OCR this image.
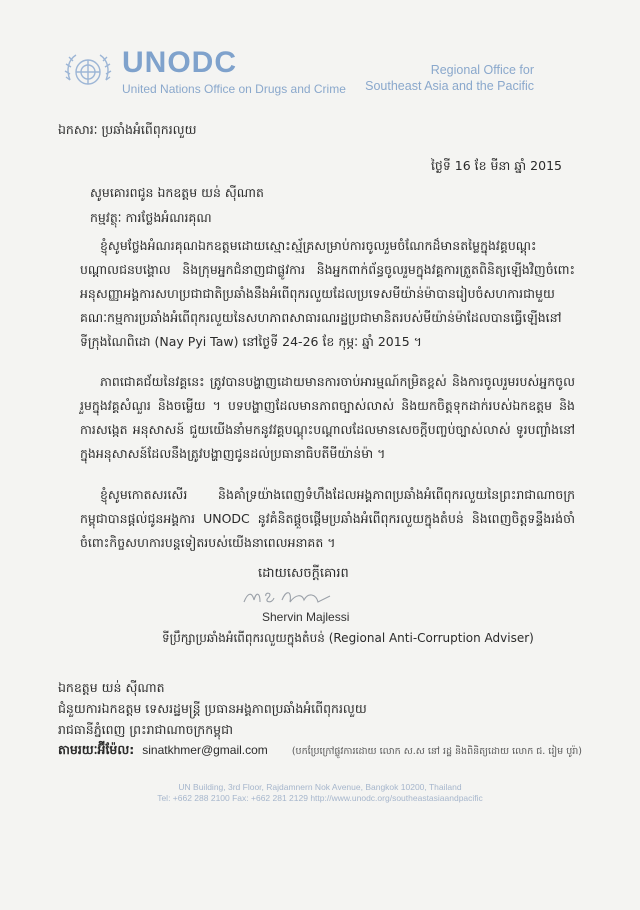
UNODC
United Nations Office on Drugs and Crime
Regional Office for
Southeast Asia and the Pacific
ឯកសារៈ ប្រឆាំងអំពើពុករលួយ
ថ្ងៃទី 16 ខែ មីនា ឆ្នាំ 2015
សូមគោរពជូន ឯកឧត្តម យន់ ស៊ីណាត
កម្មវត្ថុៈ ការថ្លែងអំណរគុណ
ខ្ញុំសូមថ្លែងអំណរគុណឯកឧត្តមដោយស្មោះស្ម័គ្រសម្រាប់ការចូលរួមចំណែកដ៏មានតម្លៃក្នុងវគ្គបណ្តុះបណ្តាលជនបង្គោល និងក្រុមអ្នកជំនាញជាផ្លូវការ និងអ្នកពាក់ព័ន្ធចូលរួមក្នុងវគ្គការត្រួតពិនិត្យឡើងវិញចំពោះអនុសញ្ញាអង្គការសហប្រជាជាតិប្រឆាំងនឹងអំពើពុករលួយដែលប្រទេសមីយ៉ាន់ម៉ាបានរៀបចំសហការជាមួយគណៈកម្មការប្រឆាំងអំពើពុករលួយនៃសហភាពសាធារណរដ្ឋប្រជាមានិតរបស់មីយ៉ាន់ម៉ាដែលបានធ្វើឡើងនៅទីក្រុងណៃពិដោ (Nay Pyi Taw) នៅថ្ងៃទី 24-26 ខែ កុម្ភៈ ឆ្នាំ 2015 ។
ភាពជោគជ័យនៃវគ្គនេះ ត្រូវបានបង្ហាញដោយមានការចាប់អារម្មណ៍កម្រិតខ្ពស់ និងការចូលរួមរបស់អ្នកចូលរួមក្នុងវគ្គសំណួរ និងចម្លើយ ។ បទបង្ហាញដែលមានភាពច្បាស់លាស់ និងយកចិត្តទុកដាក់របស់ឯកឧត្តម និងការសង្កេត អនុសាសន៍ ជួយយើងនាំមកនូវវគ្គបណ្តុះបណ្តាលដែលមានសេចក្តីបញ្ចប់ច្បាស់លាស់ ទូរបញ្ចាំងនៅក្នុងអនុសាសន៍ដែលនឹងត្រូវបង្ហាញជូនដល់ប្រធានាធិបតីមីយ៉ាន់ម៉ា ។
ខ្ញុំសូមកោតសរសើរ និងគាំទ្រយ៉ាងពេញទំហឹងដែលអង្គភាពប្រឆាំងអំពើពុករលួយនៃព្រះរាជាណាចក្រកម្ពុជាបានផ្តល់ជូនអង្គការ UNODC នូវគំនិតផ្តួចផ្តើមប្រឆាំងអំពើពុករលួយក្នុងតំបន់ និងពេញចិត្តទន្ទឹងរង់ចាំចំពោះកិច្ចសហការបន្តទៀតរបស់យើងនាពេលអនាគត ។
ដោយសេចក្តីគោរព
Shervin Majlessi
ទីប្រឹក្សាប្រឆាំងអំពើពុករលួយក្នុងតំបន់ (Regional Anti-Corruption Adviser)
ឯកឧត្តម យន់ ស៊ីណាត
ជំនួយការឯកឧត្តម ទេសរដ្ឋមន្ត្រី ប្រធានអង្គភាពប្រឆាំងអំពើពុករលួយ
រាជធានីភ្នំពេញ ព្រះរាជាណាចក្រកម្ពុជា
តាមរយៈអ៊ីម៉ែល: sinatkhmer@gmail.com	(បកប្រែក្រៅផ្លូវការដោយ លោក ស.ស នៅ រដ្ឋ និងពិនិត្យដោយ លោក ជ. រៀម បូរ៉ា)
UN Building, 3rd Floor, Rajdamnern Nok Avenue, Bangkok 10200, Thailand
Tel: +662 288 2100 Fax: +662 281 2129 http://www.unodc.org/southeastasiaandpacific
